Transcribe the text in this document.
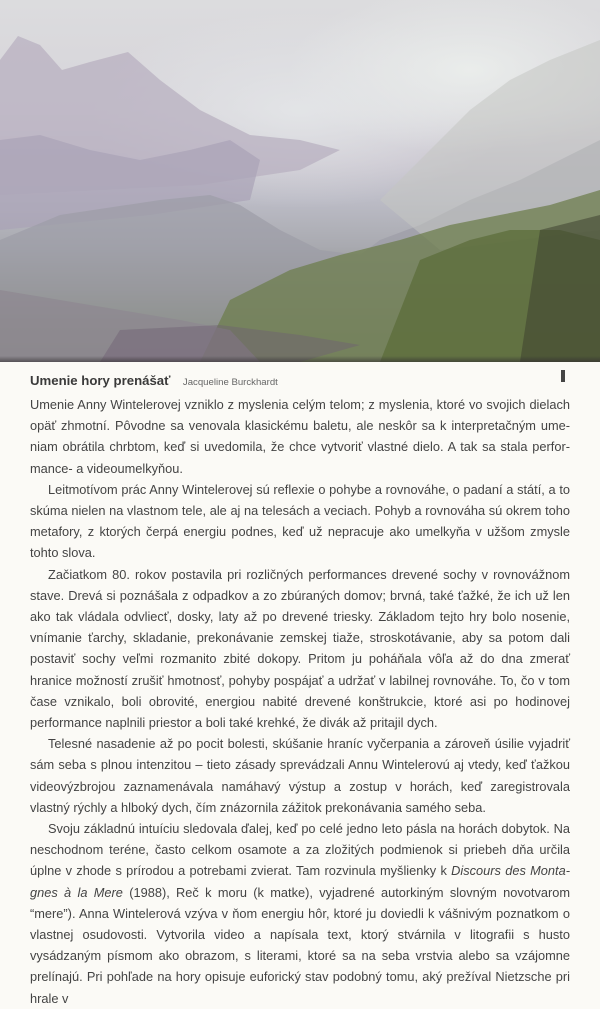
Umenie hory prenášať Jacqueline Burckhardt

Umenie Anny Wintelerovej vzniklo z myslenia celým telom; z myslenia, ktoré vo svojich dielach opäť zhmotní. Pôvodne sa venovala klasickému baletu, ale neskôr sa k interpretačným umeniam obrátila chrbtom, keď si uvedomila, že chce vytvoriť vlastné dielo. A tak sa stala performance- a videoumelkyňou.

Leitmotívom prác Anny Wintelerovej sú reflexie o pohybe a rovnováhe, o padaní a státí, a to skúma nielen na vlastnom tele, ale aj na telesách a veciach. Pohyb a rovnováha sú okrem toho metafory, z ktorých čerpá energiu podnes, keď už nepracuje ako umelkyňa v užšom zmysle tohto slova.

Začiatkom 80. rokov postavila pri rozličných performances drevené sochy v rovnovážnom stave. Drevá si poznášala z odpadkov a zo zbúraných domov; brvná, také ťažké, že ich už len ako tak vládala odvliecť, dosky, laty až po drevené triesky. Základom tejto hry bolo nosenie, vnímanie ťarchy, skladanie, prekonávanie zemskej tiaže, stroskotávanie, aby sa potom dali postaviť sochy veľmi rozmanito zbité dokopy. Pritom ju poháňala vôľa až do dna zmerať hranice možností zrušiť hmotnosť, pohyby pospájať a udržať v labilnej rovnováhe. To, čo v tom čase vznikalo, boli obrovité, energiou nabité drevené konštrukcie, ktoré asi po hodinovej performance naplnili priestor a boli také krehké, že divák až pritajil dych.

Telesné nasadenie až po pocit bolesti, skúšanie hraníc vyčerpania a zároveň úsilie vyjadriť sám seba s plnou intenzitou – tieto zásady sprevádzali Annu Wintelerovú aj vtedy, keď ťažkou videovýzbrojou zaznamenávala namáhavý výstup a zostup v horách, keď zaregistrovala vlastný rýchly a hlboký dych, čím znázornila zážitok prekonávania samého seba.

Svoju základnú intuíciu sledovala ďalej, keď po celé jedno leto pásla na horách dobytok. Na neschodnom teréne, často celkom osamote a za zložitých podmienok si priebeh dňa určila úplne v zhode s prírodou a potrebami zvierat. Tam rozvinula myšlienky k Discours des Montagnes à la Mere (1988), Reč k moru (k matke), vyjadrené autorkiným slovným novotvarom “mere”). Anna Wintelerová vzýva v ňom energiu hôr, ktoré ju doviedli k vášnivým poznatkom o vlastnej osudovosti. Vytvorila video a napísala text, ktorý stvárnila v litografii s husto vysádzaným písmom ako obrazom, s literami, ktoré sa na seba vrstvia alebo sa vzájomne prelínajú. Pri pohľade na hory opisuje euforický stav podobný tomu, aký prežíval Nietzsche pri hrale v
